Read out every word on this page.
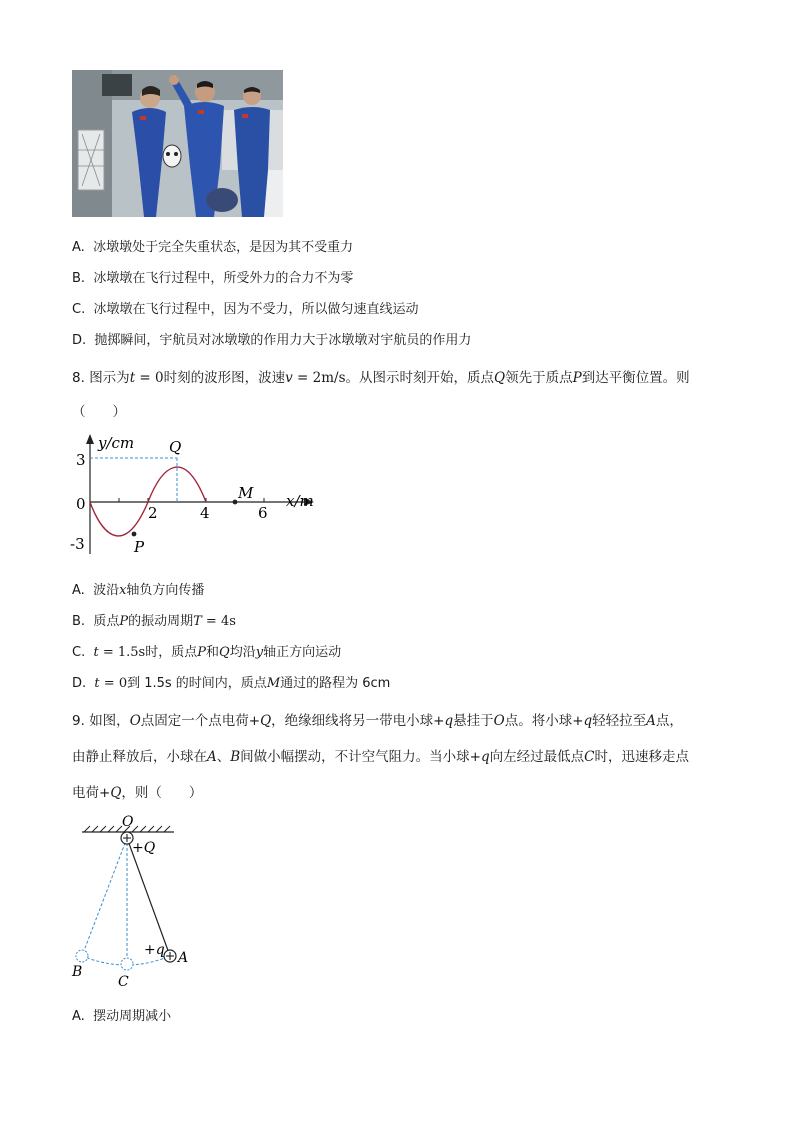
A. 冰墩墩处于完全失重状态，是因为其不受重力
B. 冰墩墩在飞行过程中，所受外力的合力不为零
C. 冰墩墩在飞行过程中，因为不受力，所以做匀速直线运动
D. 抛掷瞬间，宇航员对冰墩墩的作用力大于冰墩墩对宇航员的作用力
8. 图示为t = 0时刻的波形图，波速v = 2m/s。从图示时刻开始，质点Q领先于质点P到达平衡位置。则
（　　）
y/cm
x/m
3
0
-3
2	4	6
Q
P
M
A. 波沿x轴负方向传播
B. 质点P的振动周期T = 4s
C. t = 1.5s时，质点P和Q均沿y轴正方向运动
D. t = 0到 1.5s 的时间内，质点M通过的路程为 6cm
9. 如图，O点固定一个点电荷+Q，绝缘细线将另一带电小球+q悬挂于O点。将小球+q轻轻拉至A点，
由静止释放后，小球在A、B间做小幅摆动，不计空气阻力。当小球+q向左经过最低点C时，迅速移走点
电荷+Q，则（　　）
O
+Q
+q A
B
C
A. 摆动周期减小
